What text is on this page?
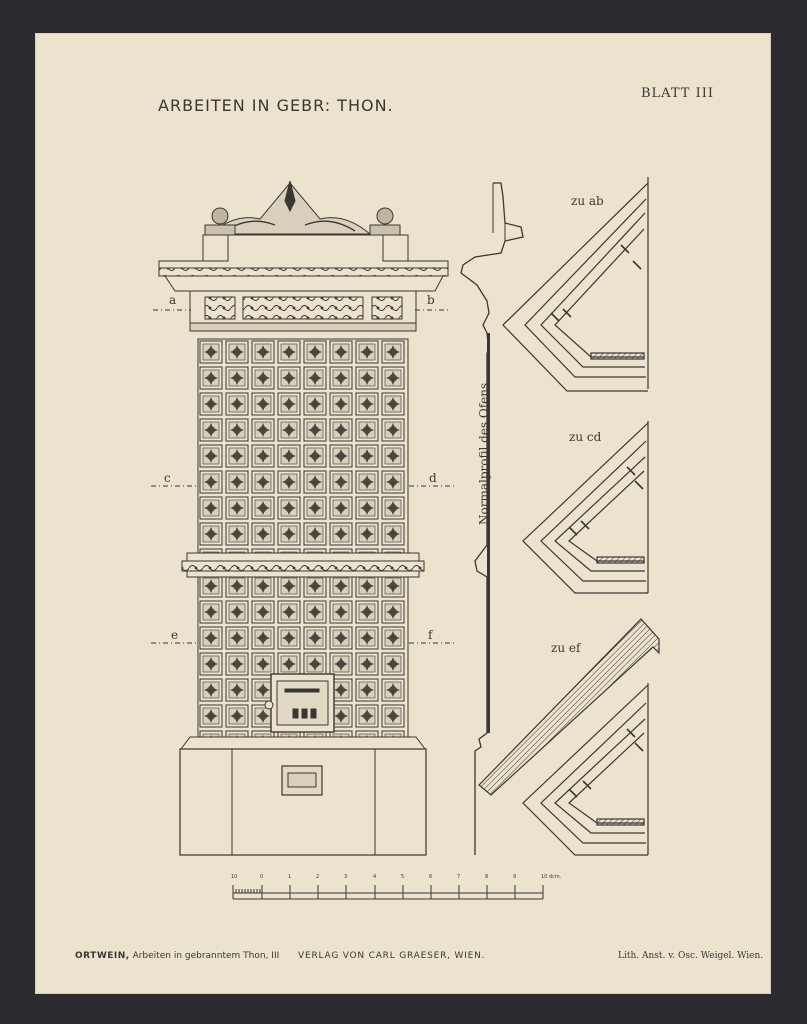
ARBEITEN IN GEBR: THON.
BLATT III
a	b
c	d
e	f
Normalprofil des Ofens.
zu ab
zu cd
zu ef
10	0	1	2	3	4	5	6	7	8	9	10 dcm.
ORTWEIN, Arbeiten in gebranntem Thon, III VERLAG VON CARL GRAESER, WIEN.	Lith. Anst. v. Osc. Weigel. Wien.
